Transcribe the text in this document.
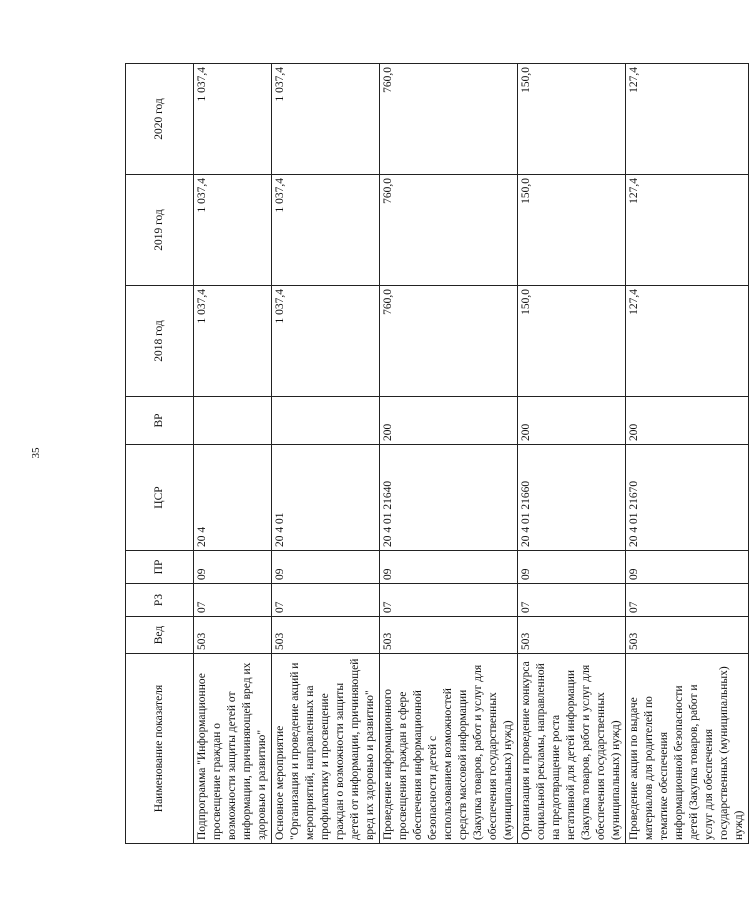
35
Наименование показателя	Вед	РЗ	ПР	ЦСР	ВР	2018 год	2019 год	2020 год
Подпрограмма "Информационное просвещение граждан о возможности защиты детей от информации, причиняющей вред их здоровью и развитию"	503	07	09	20 4		1 037,4	1 037,4	1 037,4
Основное мероприятие "Организация и проведение акций и мероприятий, направленных на профилактику и просвещение граждан о возможности защиты детей от информации, причиняющей вред их здоровью и развитию"	503	07	09	20 4 01		1 037,4	1 037,4	1 037,4
Проведение информационного просвещения граждан в сфере обеспечения информационной безопасности детей с использованием возможностей средств массовой информации (Закупка товаров, работ и услуг для обеспечения государственных (муниципальных) нужд)	503	07	09	20 4 01 21640	200	760,0	760,0	760,0
Организация и проведение конкурса социальной рекламы, направленной на предотвращение роста негативной для детей информации (Закупка товаров, работ и услуг для обеспечения государственных (муниципальных) нужд)	503	07	09	20 4 01 21660	200	150,0	150,0	150,0
Проведение акции по выдаче материалов для родителей по тематике обеспечения информационной безопасности детей (Закупка товаров, работ и услуг для обеспечения государственных (муниципальных) нужд)	503	07	09	20 4 01 21670	200	127,4	127,4	127,4
